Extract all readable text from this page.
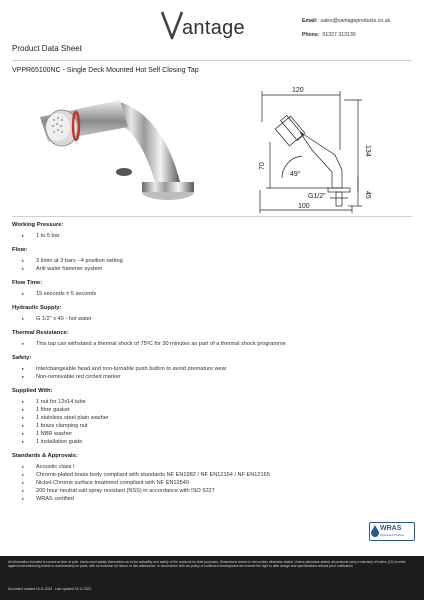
antage	Email: sales@vantageproducts.co.uk
Phone: 01327 313130
Product Data Sheet
VPPR65100NC - Single Deck Mounted Hot Self Closing Tap
120
134
70
49°
G1/2"	45
100

Working Pressure:

▸ 1 to 5 bar

Flow:

▸ 3 l/min at 3 bars - 4 position setting
▸ Anti water hammer system

Flow Time:

▸ 15 seconds ± 5 seconds

Hydraulic Supply:

▸ G 1/2" x 40 - hot water

Thermal Resistance:

▸ This tap can withstand a thermal shock of 75ºC for 30 minutes as part of a thermal shock programme

Safety:

▸ Interchangeable head and non-turnable push button to avoid premature wear
▸ Non-removable red circled marker

Supplied With:

▸ 1 nut for 12x14 tube
▸ 1 fibre gasket
▸ 1 stainless steel plain washer
▸ 1 brass clamping nut
▸ 1 NBR washer
▸ 1 installation guide

Standards & Approvals:

▸ Acoustic class I
▸ Chrome-plated brass body compliant with standards NF EN1982 / NF EN12164 / NF EN12165
▸ Nickel-Chrome surface treatment compliant with NF EN12540
▸ 200 hour neutral salt spray resistant (NSS) in accordance with ISO 9227
▸ WRAS certified
WRAS
Approved Product

All information included is correct at time of print. Users must satisfy themselves as to the suitability and safety of the products for their purposes. Dimensions shown in mm unless otherwise stated. Unless otherwise stated, all products carry a warranty of twelve (12) months against manufacturing defect or workmanship on parts, with no inclusion for labour or site attendance. In accordance with our policy of continued development we reserve the right to alter design and specifications without prior notification.

Document created 03.11.2023 . Last updated 03.11.2023
